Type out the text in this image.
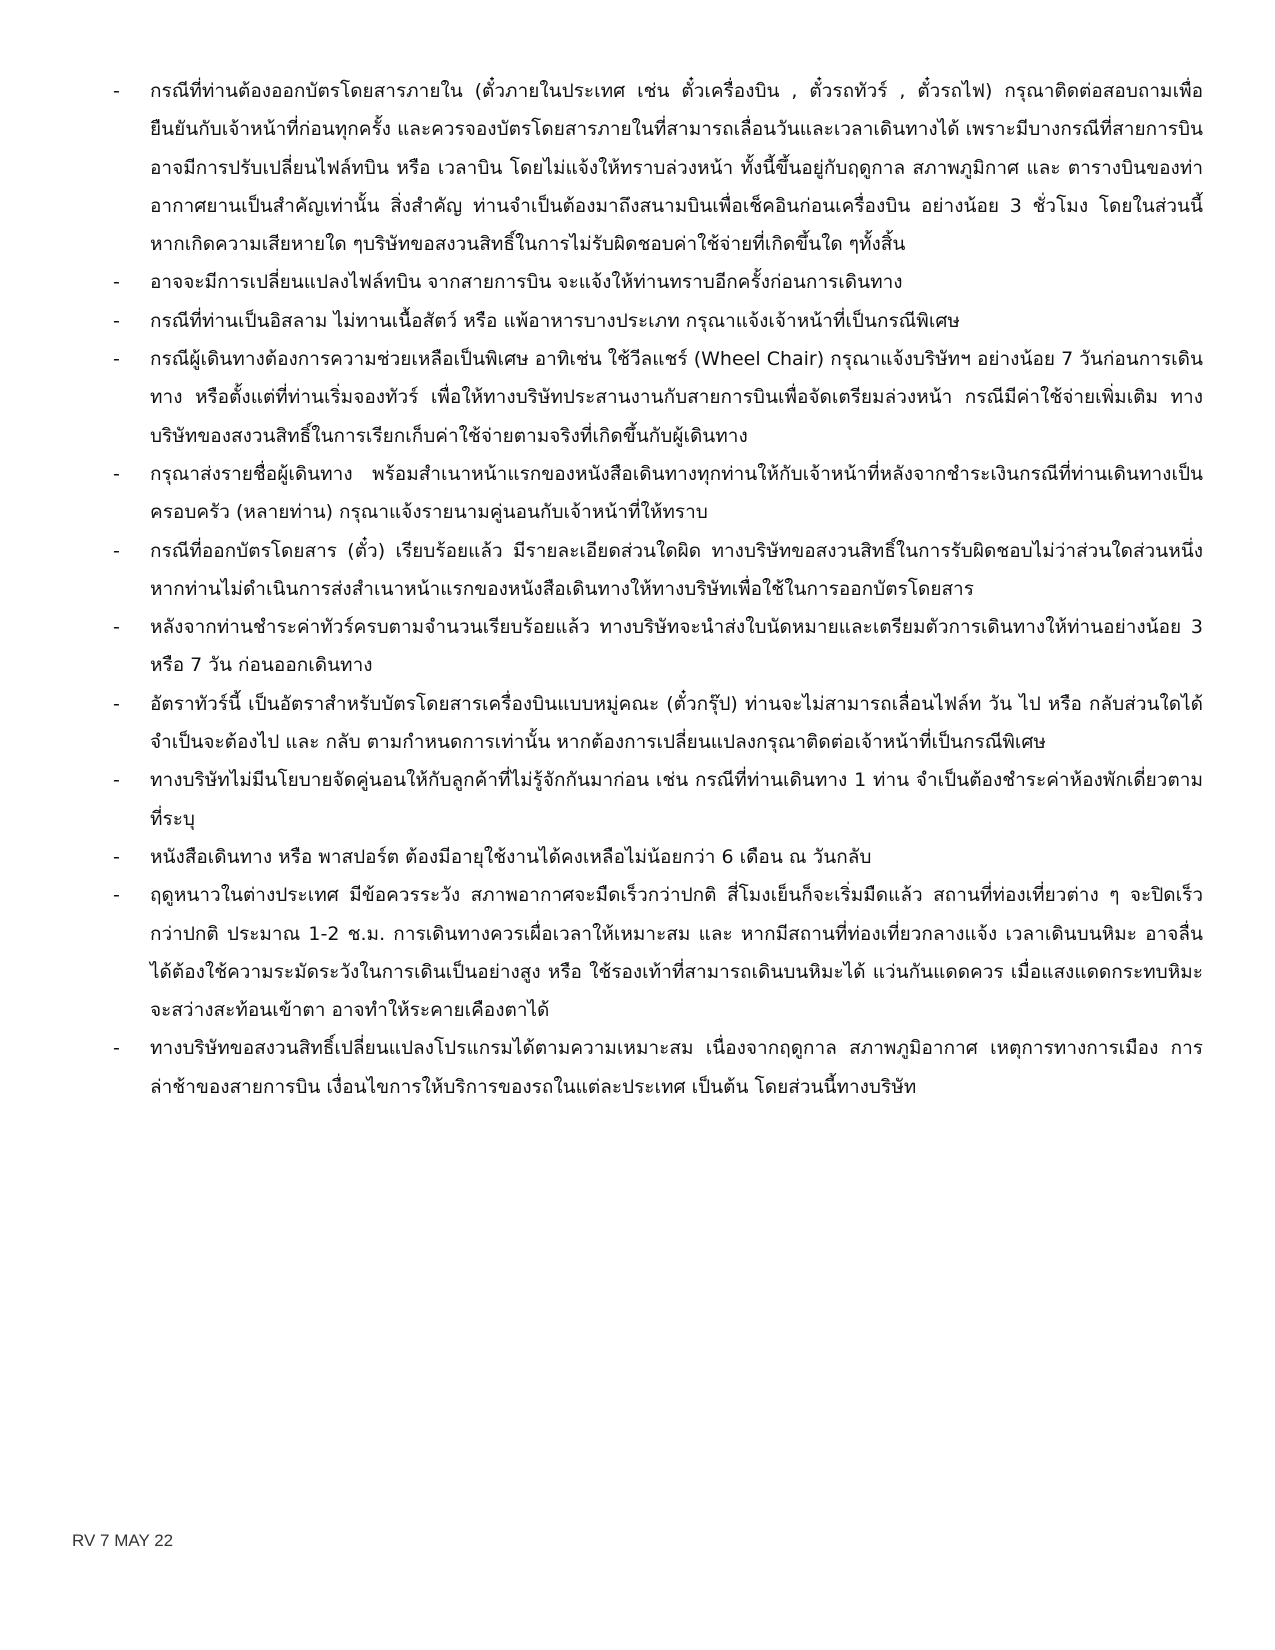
- กรณีที่ท่านต้องออกบัตรโดยสารภายใน (ตั๋วภายในประเทศ เช่น ตั๋วเครื่องบิน , ตั๋วรถทัวร์ , ตั๋วรถไฟ) กรุณาติดต่อสอบถามเพื่อยืนยันกับเจ้าหน้าที่ก่อนทุกครั้ง และควรจองบัตรโดยสารภายในที่สามารถเลื่อนวันและเวลาเดินทางได้ เพราะมีบางกรณีที่สายการบินอาจมีการปรับเปลี่ยนไฟล์ทบิน หรือ เวลาบิน โดยไม่แจ้งให้ทราบล่วงหน้า ทั้งนี้ขึ้นอยู่กับฤดูกาล สภาพภูมิกาศ และ ตารางบินของท่าอากาศยานเป็นสำคัญเท่านั้น สิ่งสำคัญ ท่านจำเป็นต้องมาถึงสนามบินเพื่อเช็คอินก่อนเครื่องบิน อย่างน้อย 3 ชั่วโมง โดยในส่วนนี้หากเกิดความเสียหายใด ๆบริษัทขอสงวนสิทธิ์ในการไม่รับผิดชอบค่าใช้จ่ายที่เกิดขึ้นใด ๆทั้งสิ้น
- อาจจะมีการเปลี่ยนแปลงไฟล์ทบิน จากสายการบิน จะแจ้งให้ท่านทราบอีกครั้งก่อนการเดินทาง
- กรณีที่ท่านเป็นอิสลาม ไม่ทานเนื้อสัตว์ หรือ แพ้อาหารบางประเภท กรุณาแจ้งเจ้าหน้าที่เป็นกรณีพิเศษ
- กรณีผู้เดินทางต้องการความช่วยเหลือเป็นพิเศษ อาทิเช่น ใช้วีลแชร์ (Wheel Chair) กรุณาแจ้งบริษัทฯ อย่างน้อย 7 วันก่อนการเดินทาง หรือตั้งแต่ที่ท่านเริ่มจองทัวร์ เพื่อให้ทางบริษัทประสานงานกับสายการบินเพื่อจัดเตรียมล่วงหน้า กรณีมีค่าใช้จ่ายเพิ่มเติม ทางบริษัทของสงวนสิทธิ์ในการเรียกเก็บค่าใช้จ่ายตามจริงที่เกิดขึ้นกับผู้เดินทาง
- กรุณาส่งรายชื่อผู้เดินทาง พร้อมสำเนาหน้าแรกของหนังสือเดินทางทุกท่านให้กับเจ้าหน้าที่หลังจากชำระเงินกรณีที่ท่านเดินทางเป็นครอบครัว (หลายท่าน) กรุณาแจ้งรายนามคู่นอนกับเจ้าหน้าที่ให้ทราบ
- กรณีที่ออกบัตรโดยสาร (ตั๋ว) เรียบร้อยแล้ว มีรายละเอียดส่วนใดผิด ทางบริษัทขอสงวนสิทธิ์ในการรับผิดชอบไม่ว่าส่วนใดส่วนหนึ่ง หากท่านไม่ดำเนินการส่งสำเนาหน้าแรกของหนังสือเดินทางให้ทางบริษัทเพื่อใช้ในการออกบัตรโดยสาร
- หลังจากท่านชำระค่าทัวร์ครบตามจำนวนเรียบร้อยแล้ว ทางบริษัทจะนำส่งใบนัดหมายและเตรียมตัวการเดินทางให้ท่านอย่างน้อย 3 หรือ 7 วัน ก่อนออกเดินทาง
- อัตราทัวร์นี้ เป็นอัตราสำหรับบัตรโดยสารเครื่องบินแบบหมู่คณะ (ตั๋วกรุ๊ป) ท่านจะไม่สามารถเลื่อนไฟล์ท วัน ไป หรือ กลับส่วนใดได้ จำเป็นจะต้องไป และ กลับ ตามกำหนดการเท่านั้น หากต้องการเปลี่ยนแปลงกรุณาติดต่อเจ้าหน้าที่เป็นกรณีพิเศษ
- ทางบริษัทไม่มีนโยบายจัดคู่นอนให้กับลูกค้าที่ไม่รู้จักกันมาก่อน เช่น กรณีที่ท่านเดินทาง 1 ท่าน จำเป็นต้องชำระค่าห้องพักเดี่ยวตามที่ระบุ
- หนังสือเดินทาง หรือ พาสปอร์ต ต้องมีอายุใช้งานได้คงเหลือไม่น้อยกว่า 6 เดือน ณ วันกลับ
- ฤดูหนาวในต่างประเทศ มีข้อควรระวัง สภาพอากาศจะมืดเร็วกว่าปกติ สี่โมงเย็นก็จะเริ่มมืดแล้ว สถานที่ท่องเที่ยวต่าง ๆ จะปิดเร็วกว่าปกติ ประมาณ 1-2 ช.ม. การเดินทางควรเผื่อเวลาให้เหมาะสม และ หากมีสถานที่ท่องเที่ยวกลางแจ้ง เวลาเดินบนหิมะ อาจลื่นได้ต้องใช้ความระมัดระวังในการเดินเป็นอย่างสูง หรือ ใช้รองเท้าที่สามารถเดินบนหิมะได้ แว่นกันแดดควร เมื่อแสงแดดกระทบหิมะจะสว่างสะท้อนเข้าตา อาจทำให้ระคายเคืองตาได้
- ทางบริษัทขอสงวนสิทธิ์เปลี่ยนแปลงโปรแกรมได้ตามความเหมาะสม เนื่องจากฤดูกาล สภาพภูมิอากาศ เหตุการทางการเมือง การล่าช้าของสายการบิน เงื่อนไขการให้บริการของรถในแต่ละประเทศ เป็นต้น โดยส่วนนี้ทางบริษัท
RV 7 MAY 22
